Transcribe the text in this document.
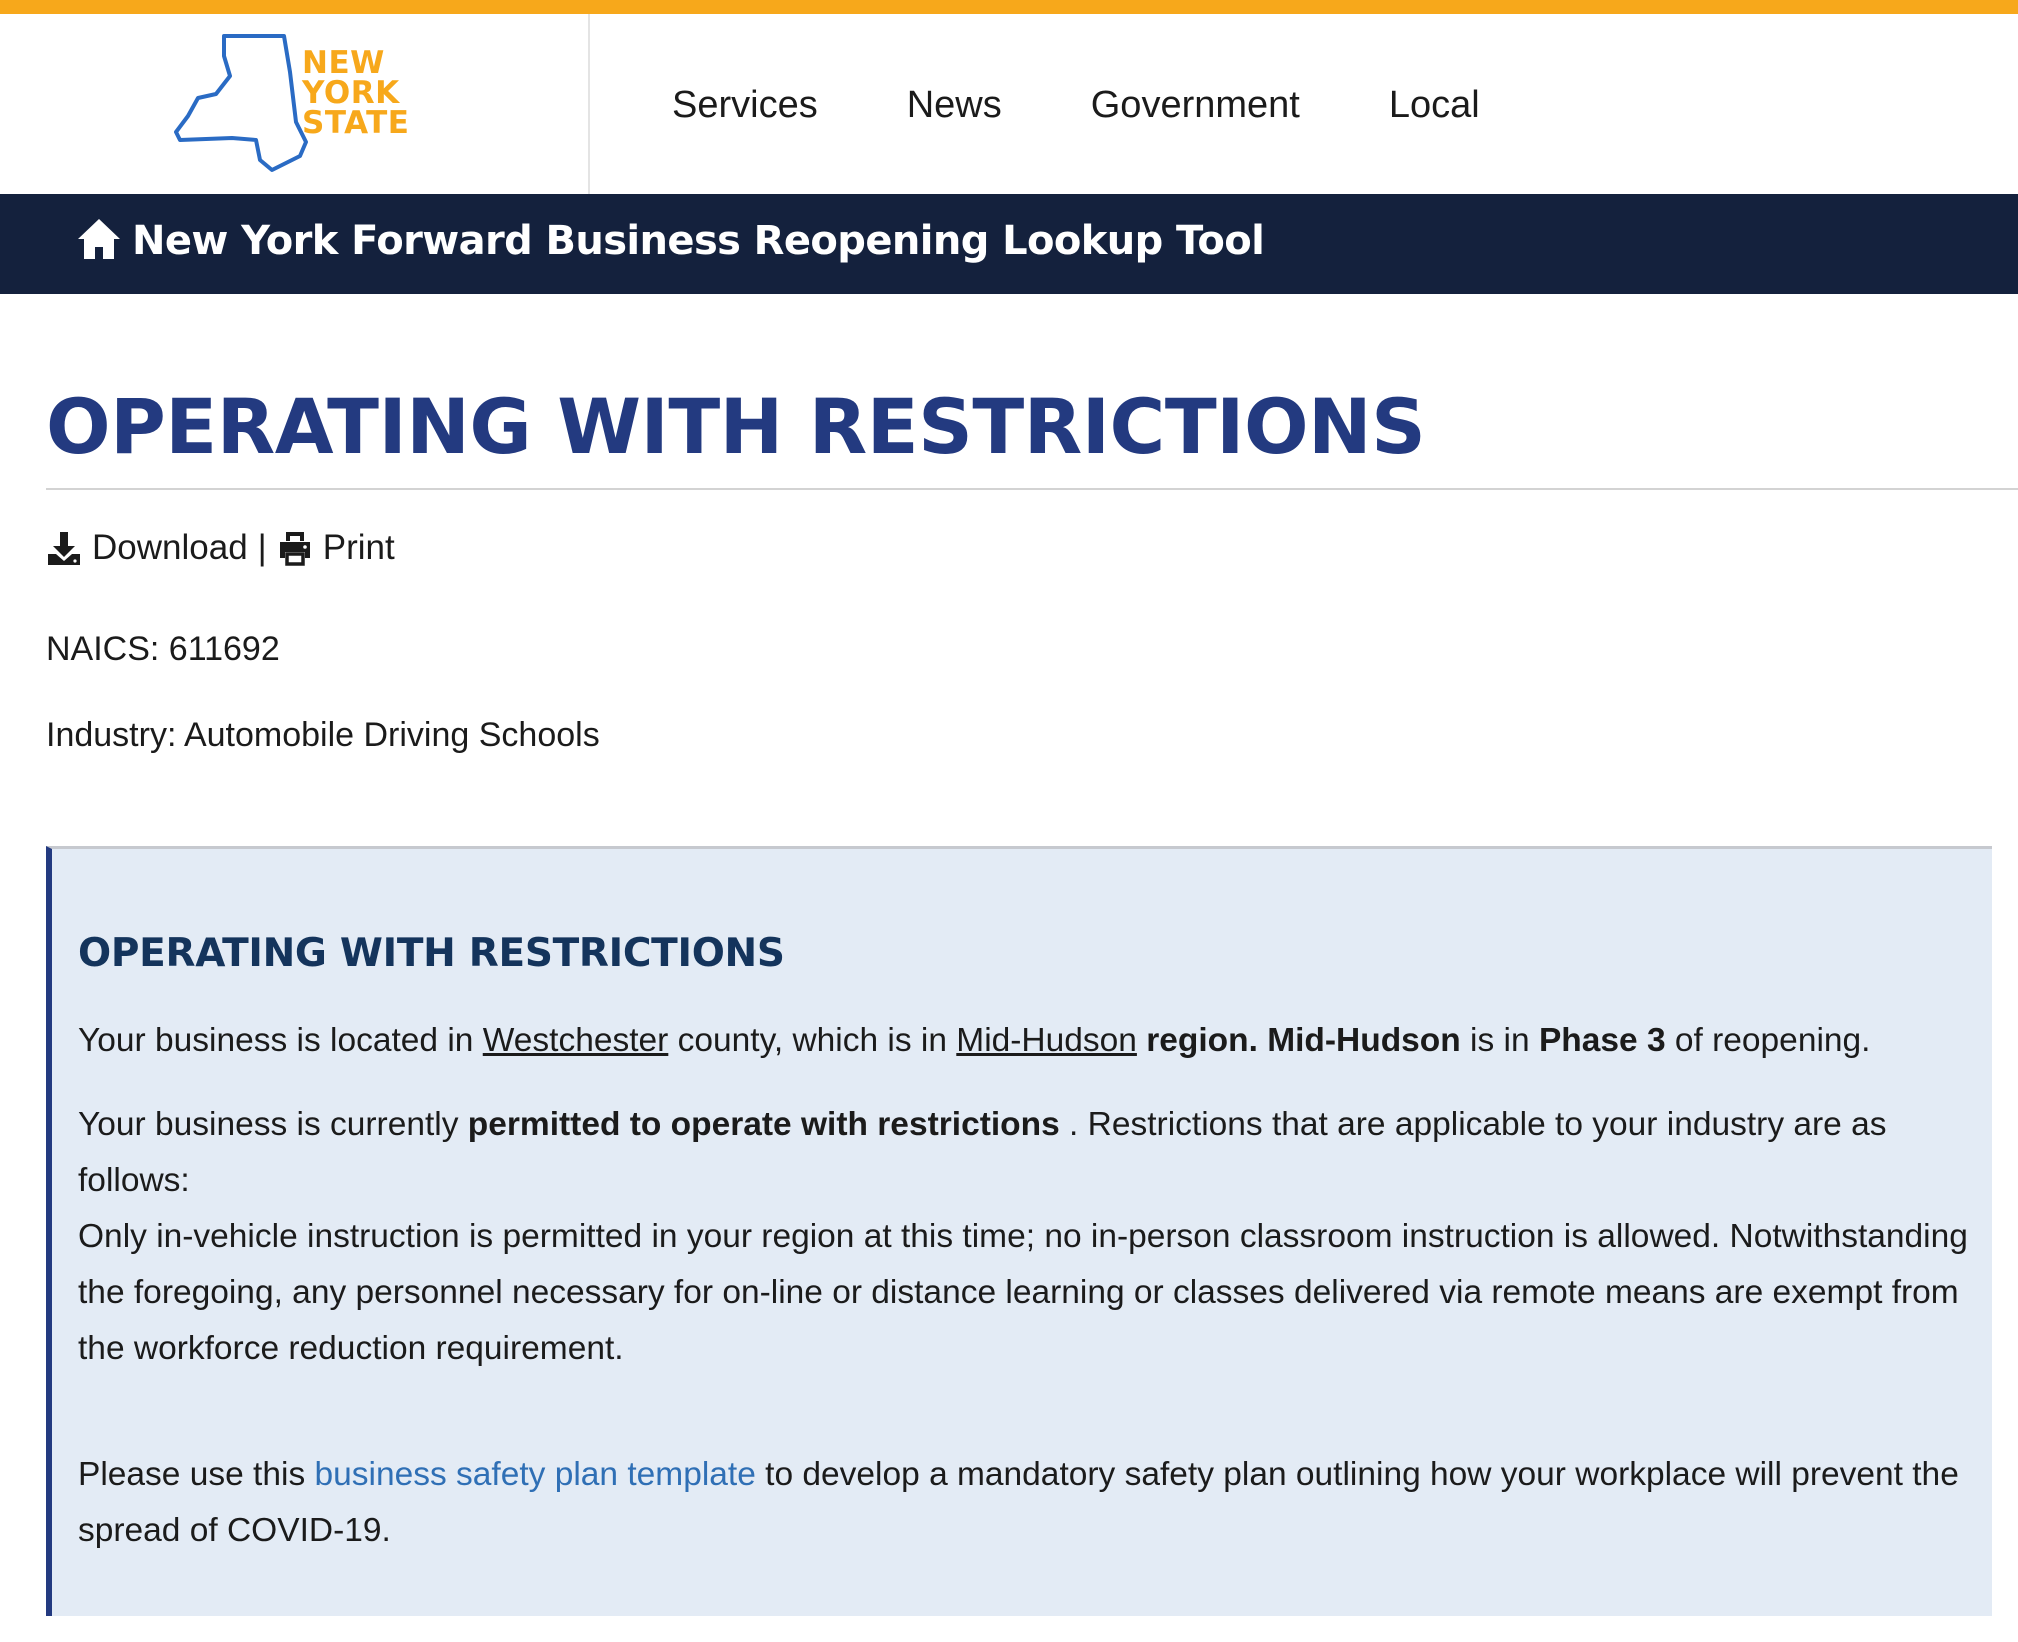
NEW
YORK
STATE	Services News Government Local
New York Forward Business Reopening Lookup Tool
OPERATING WITH RESTRICTIONS
Download | Print

NAICS: 611692

Industry: Automobile Driving Schools

OPERATING WITH RESTRICTIONS

Your business is located in Westchester county, which is in Mid-Hudson region. Mid-Hudson is in Phase 3 of reopening.

Your business is currently permitted to operate with restrictions . Restrictions that are applicable to your industry are as follows:
Only in-vehicle instruction is permitted in your region at this time; no in-person classroom instruction is allowed. Notwithstanding the foregoing, any personnel necessary for on-line or distance learning or classes delivered via remote means are exempt from the workforce reduction requirement.

Please use this business safety plan template to develop a mandatory safety plan outlining how your workplace will prevent the spread of COVID-19.
